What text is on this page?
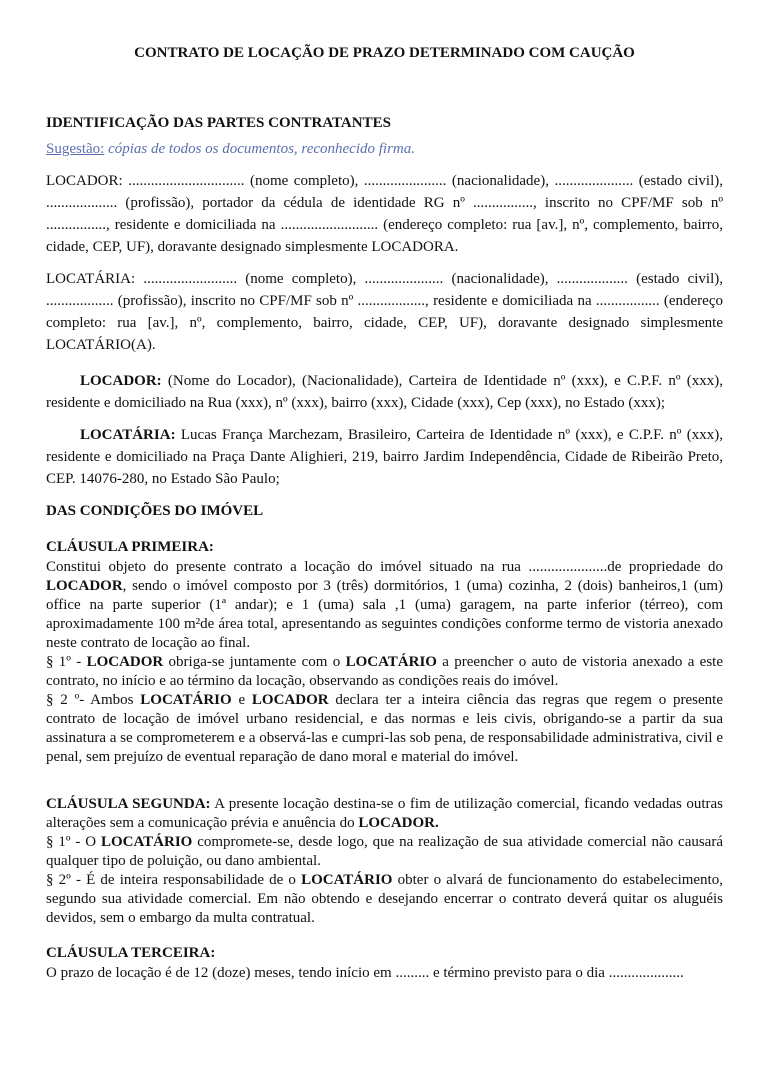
CONTRATO DE LOCAÇÃO DE PRAZO DETERMINADO COM CAUÇÃO
IDENTIFICAÇÃO DAS PARTES CONTRATANTES
Sugestão: cópias de todos os documentos, reconhecido firma.

LOCADOR: ............................... (nome completo), ...................... (nacionalidade), ..................... (estado civil), ................... (profissão), portador da cédula de identidade RG nº ................, inscrito no CPF/MF sob nº ................, residente e domiciliada na .......................... (endereço completo: rua [av.], nº, complemento, bairro, cidade, CEP, UF), doravante designado simplesmente LOCADORA.

LOCATÁRIA: ......................... (nome completo), ..................... (nacionalidade), ................... (estado civil), .................. (profissão), inscrito no CPF/MF sob nº .................., residente e domiciliada na ................. (endereço completo: rua [av.], nº, complemento, bairro, cidade, CEP, UF), doravante designado simplesmente LOCATÁRIO(A).

LOCADOR: (Nome do Locador), (Nacionalidade), Carteira de Identidade nº (xxx), e C.P.F. nº (xxx), residente e domiciliado na Rua (xxx), nº (xxx), bairro (xxx), Cidade (xxx), Cep (xxx), no Estado (xxx);

LOCATÁRIA: Lucas França Marchezam, Brasileiro, Carteira de Identidade nº (xxx), e C.P.F. nº (xxx), residente e domiciliado na Praça Dante Alighieri, 219, bairro Jardim Independência, Cidade de Ribeirão Preto, CEP. 14076-280, no Estado São Paulo;

DAS CONDIÇÕES DO IMÓVEL
CLÁUSULA PRIMEIRA:

Constitui objeto do presente contrato a locação do imóvel situado na rua .....................de propriedade do LOCADOR, sendo o imóvel composto por 3 (três) dormitórios, 1 (uma) cozinha, 2 (dois) banheiros,1 (um) office na parte superior (1ª andar); e 1 (uma) sala ,1 (uma) garagem, na parte inferior (térreo), com aproximadamente 100 m²de área total, apresentando as seguintes condições conforme termo de vistoria anexado neste contrato de locação ao final.

§ 1º - LOCADOR obriga-se juntamente com o LOCATÁRIO a preencher o auto de vistoria anexado a este contrato, no início e ao término da locação, observando as condições reais do imóvel.

§ 2 º- Ambos LOCATÁRIO e LOCADOR declara ter a inteira ciência das regras que regem o presente contrato de locação de imóvel urbano residencial, e das normas e leis civis, obrigando-se a partir da sua assinatura a se comprometerem e a observá-las e cumpri-las sob pena, de responsabilidade administrativa, civil e penal, sem prejuízo de eventual reparação de dano moral e material do imóvel.

CLÁUSULA SEGUNDA: A presente locação destina-se o fim de utilização comercial, ficando vedadas outras alterações sem a comunicação prévia e anuência do LOCADOR.

§ 1º - O LOCATÁRIO compromete-se, desde logo, que na realização de sua atividade comercial não causará qualquer tipo de poluição, ou dano ambiental.

§ 2º - É de inteira responsabilidade de o LOCATÁRIO obter o alvará de funcionamento do estabelecimento, segundo sua atividade comercial. Em não obtendo e desejando encerrar o contrato deverá quitar os aluguéis devidos, sem o embargo da multa contratual.

CLÁUSULA TERCEIRA:

O prazo de locação é de 12 (doze) meses, tendo início em ......... e término previsto para o dia ....................
